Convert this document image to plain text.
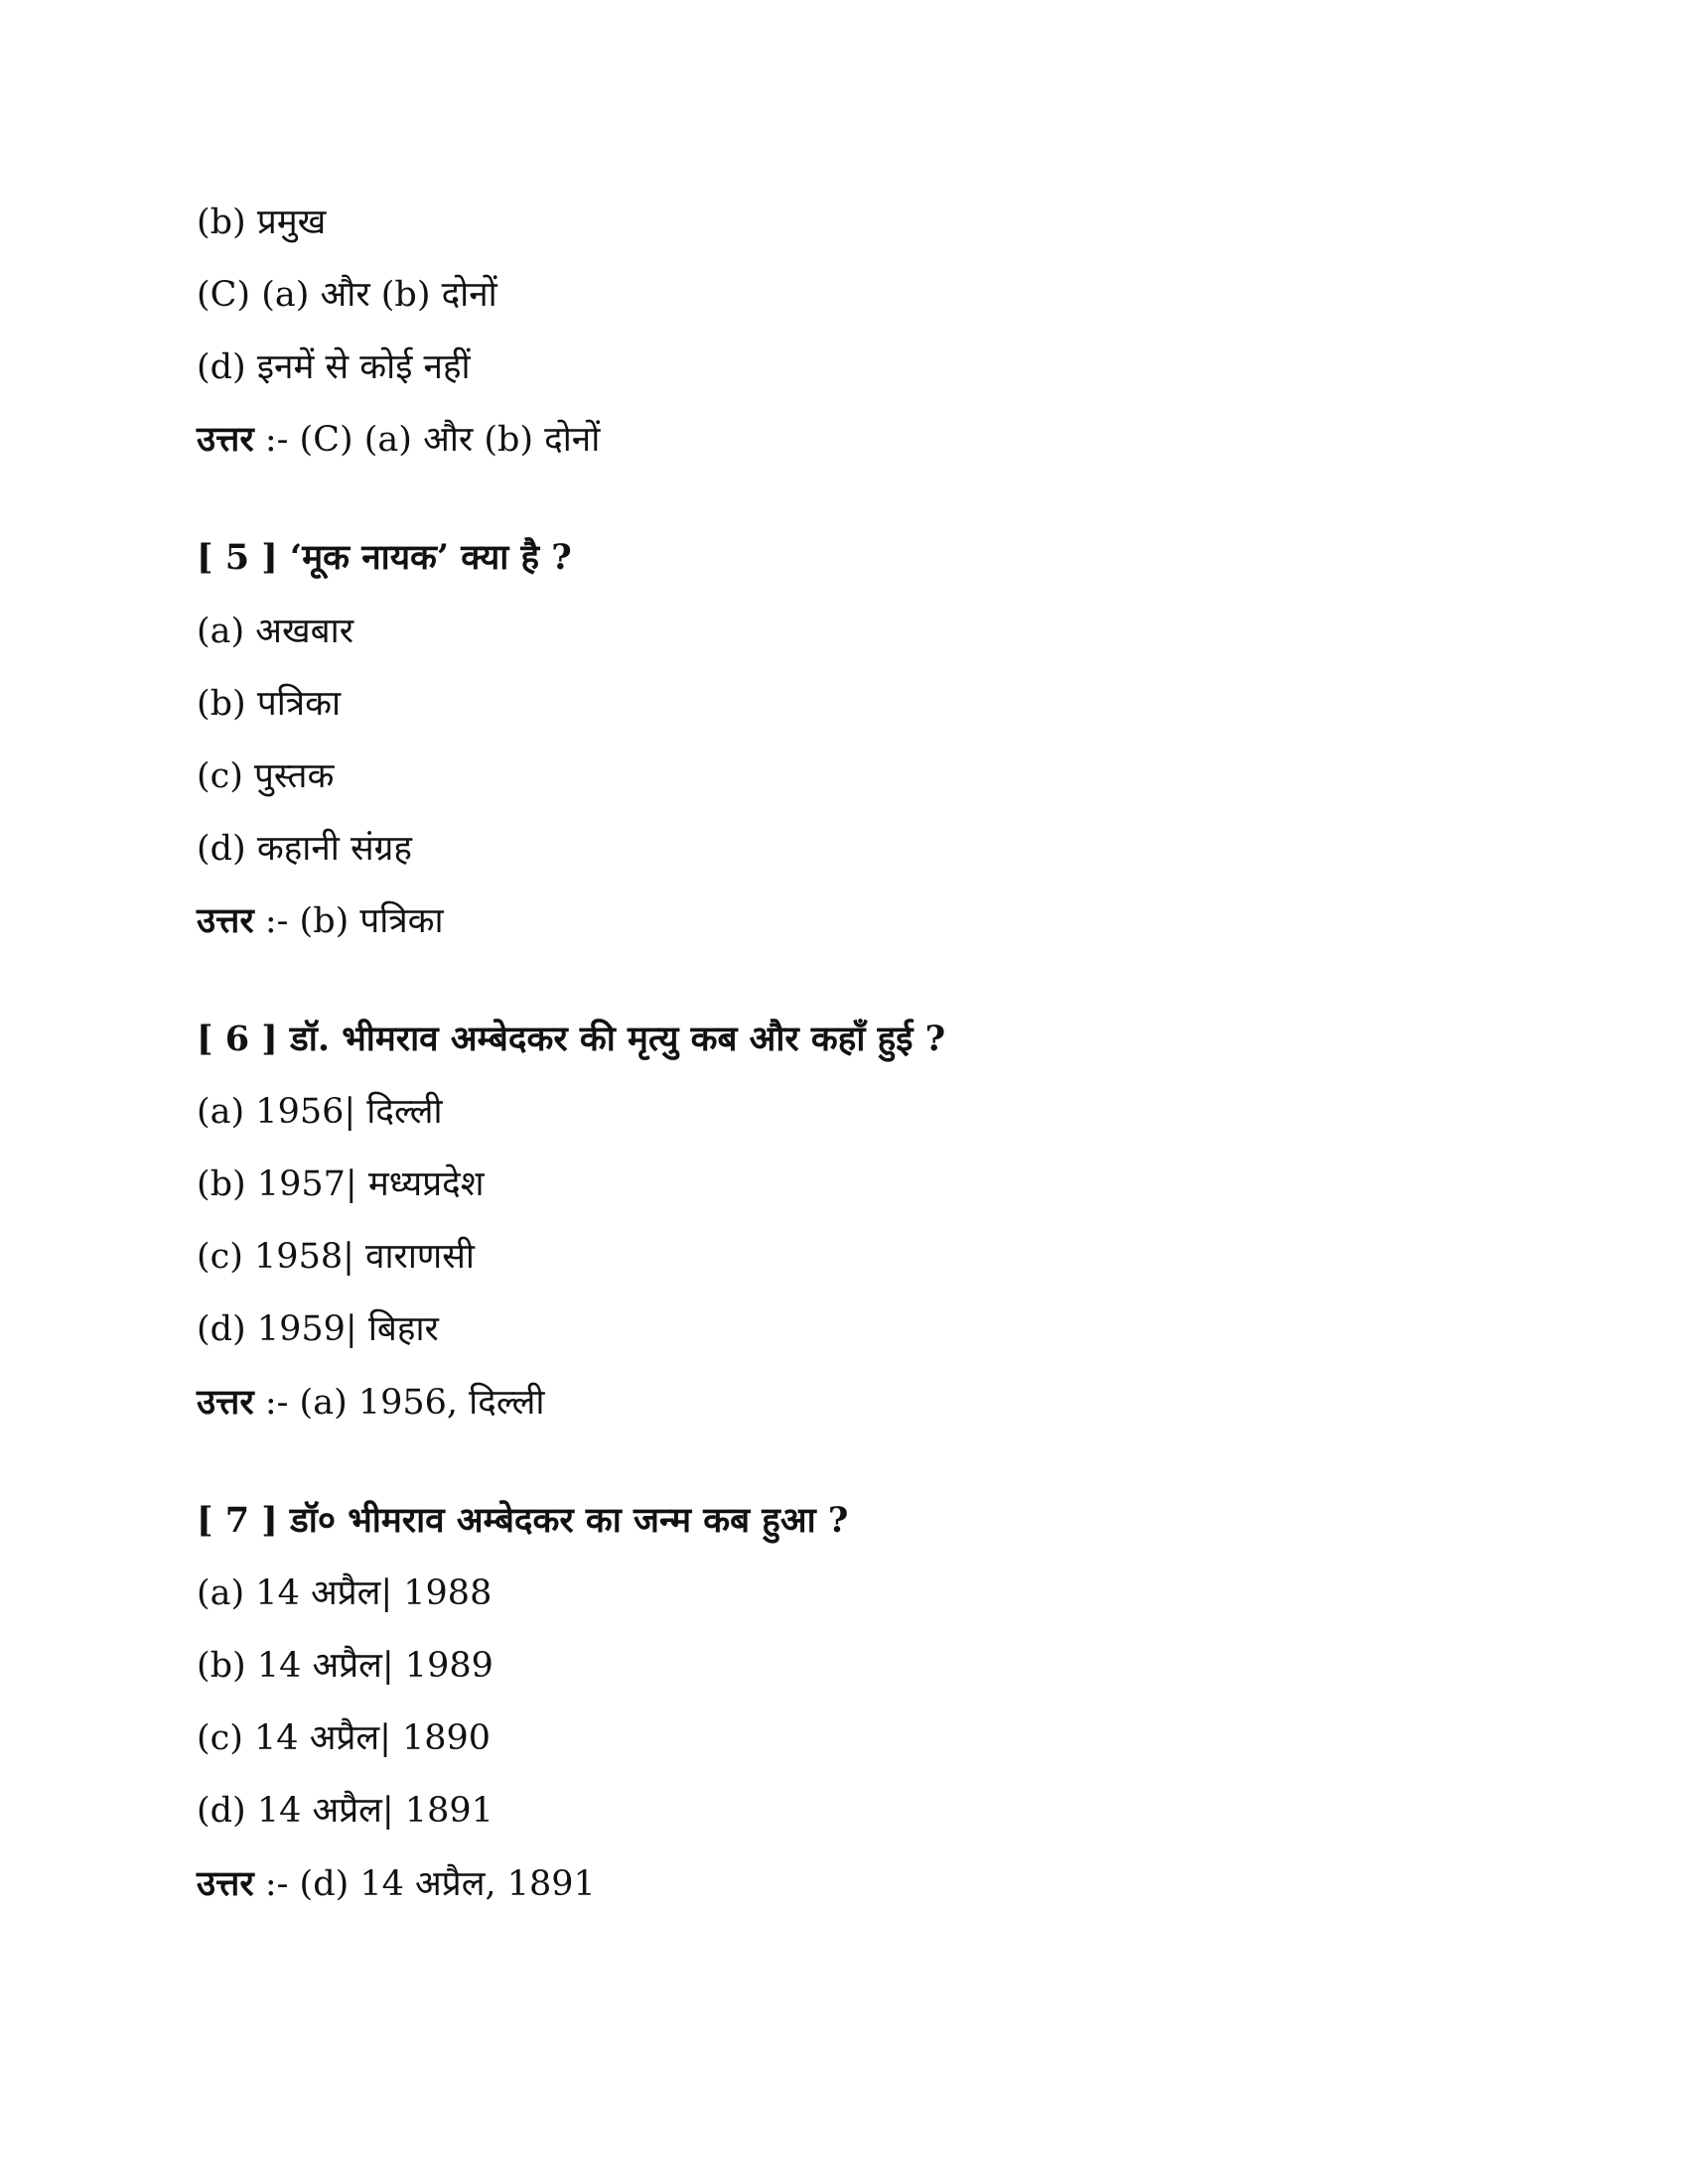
(b) प्रमुख
(C) (a) और (b) दोनों
(d) इनमें से कोई नहीं
उत्तर :- (C) (a) और (b) दोनों
[ 5 ] ‘मूक नायक’ क्या है ?
(a) अखबार
(b) पत्रिका
(c) पुस्तक
(d) कहानी संग्रह
उत्तर :- (b) पत्रिका
[ 6 ] डॉ. भीमराव अम्बेदकर की मृत्यु कब और कहाँ हुई ?
(a) 1956| दिल्ली
(b) 1957| मध्यप्रदेश
(c) 1958| वाराणसी
(d) 1959| बिहार
उत्तर :- (a) 1956, दिल्ली
[ 7 ] डॉ० भीमराव अम्बेदकर का जन्म कब हुआ ?
(a) 14 अप्रैल| 1988
(b) 14 अप्रैल| 1989
(c) 14 अप्रैल| 1890
(d) 14 अप्रैल| 1891
उत्तर :- (d) 14 अप्रैल, 1891
